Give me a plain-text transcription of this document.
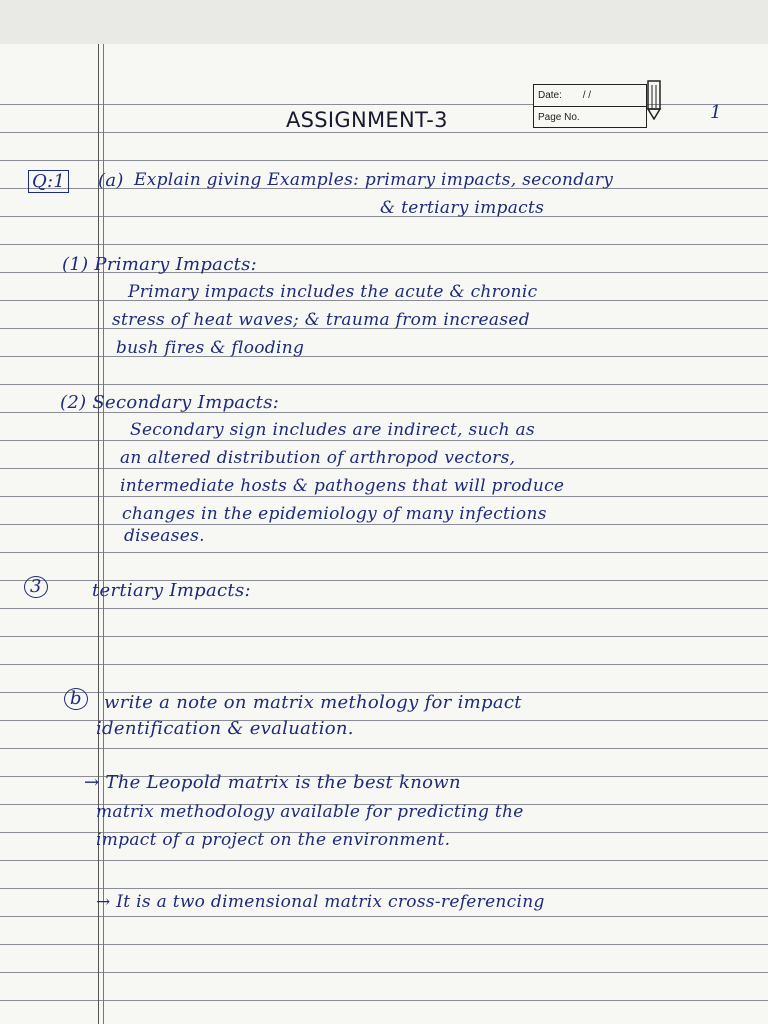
Date: / /
Page No.
ASSIGNMENT-3	1
Q:1 (a) Explain giving Examples: primary impacts, secondary
& tertiary impacts
(1) Primary Impacts:
Primary impacts includes the acute & chronic
stress of heat waves; & trauma from increased
bush fires & flooding
(2) Secondary Impacts:
Secondary sign includes are indirect, such as
an altered distribution of arthropod vectors,
intermediate hosts & pathogens that will produce
changes in the epidemiology of many infections
diseases.
3	tertiary Impacts:
b	write a note on matrix methology for impact
identification & evaluation.
→ The Leopold matrix is the best known
matrix methodology available for predicting the
impact of a project on the environment.
→ It is a two dimensional matrix cross-referencing
